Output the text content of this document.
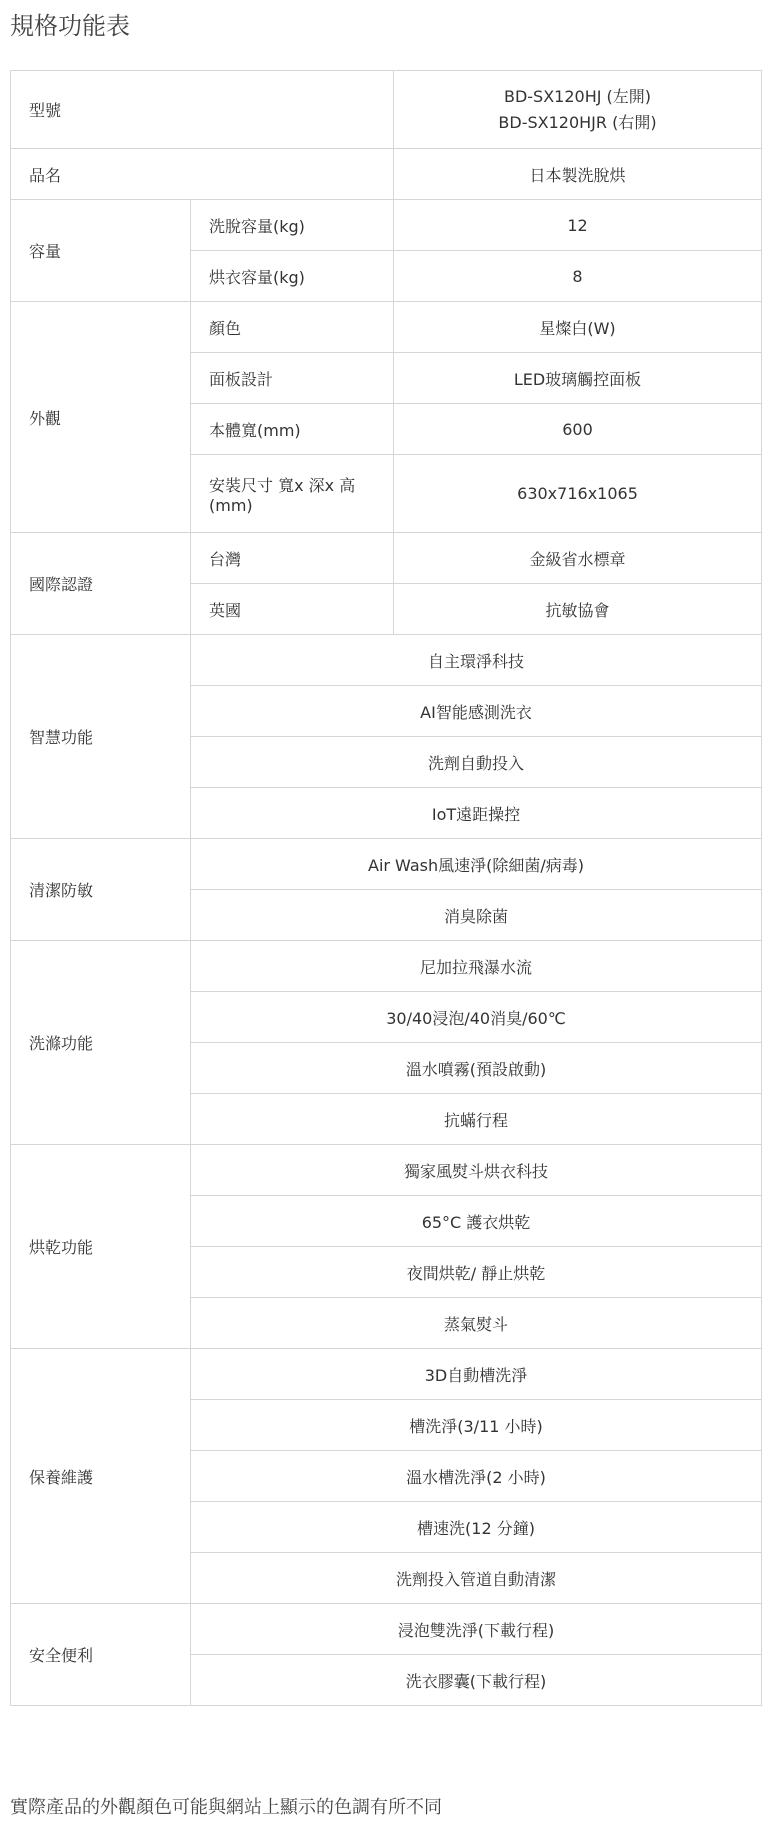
規格功能表
型號		BD-SX120HJ (左開)
BD-SX120HJR (右開)

品名		日本製洗脫烘
容量	洗脫容量(kg)	12
	烘衣容量(kg)	8
外觀	顏色	星燦白(W)
	面板設計	LED玻璃觸控面板
	本體寬(mm)	600
	安裝尺寸 寬x 深x 高(mm)	630x716x1065
國際認證	台灣	金級省水標章
	英國	抗敏協會
智慧功能	自主環淨科技	
	AI智能感測洗衣	
	洗劑自動投入	
	IoT遠距操控	
清潔防敏	Air Wash風速淨(除細菌/病毒)	
	消臭除菌	
洗滌功能	尼加拉飛瀑水流	
	30/40浸泡/40消臭/60℃	
	溫水噴霧(預設啟動)	
	抗蟎行程	
烘乾功能	獨家風熨斗烘衣科技	
	65°C 護衣烘乾	
	夜間烘乾/ 靜止烘乾	
	蒸氣熨斗	
保養維護	3D自動槽洗淨	
	槽洗淨(3/11 小時)	
	溫水槽洗淨(2 小時)	
	槽速洗(12 分鐘)	
	洗劑投入管道自動清潔	
安全便利	浸泡雙洗淨(下載行程)	
	洗衣膠囊(下載行程)	

實際產品的外觀顏色可能與網站上顯示的色調有所不同
